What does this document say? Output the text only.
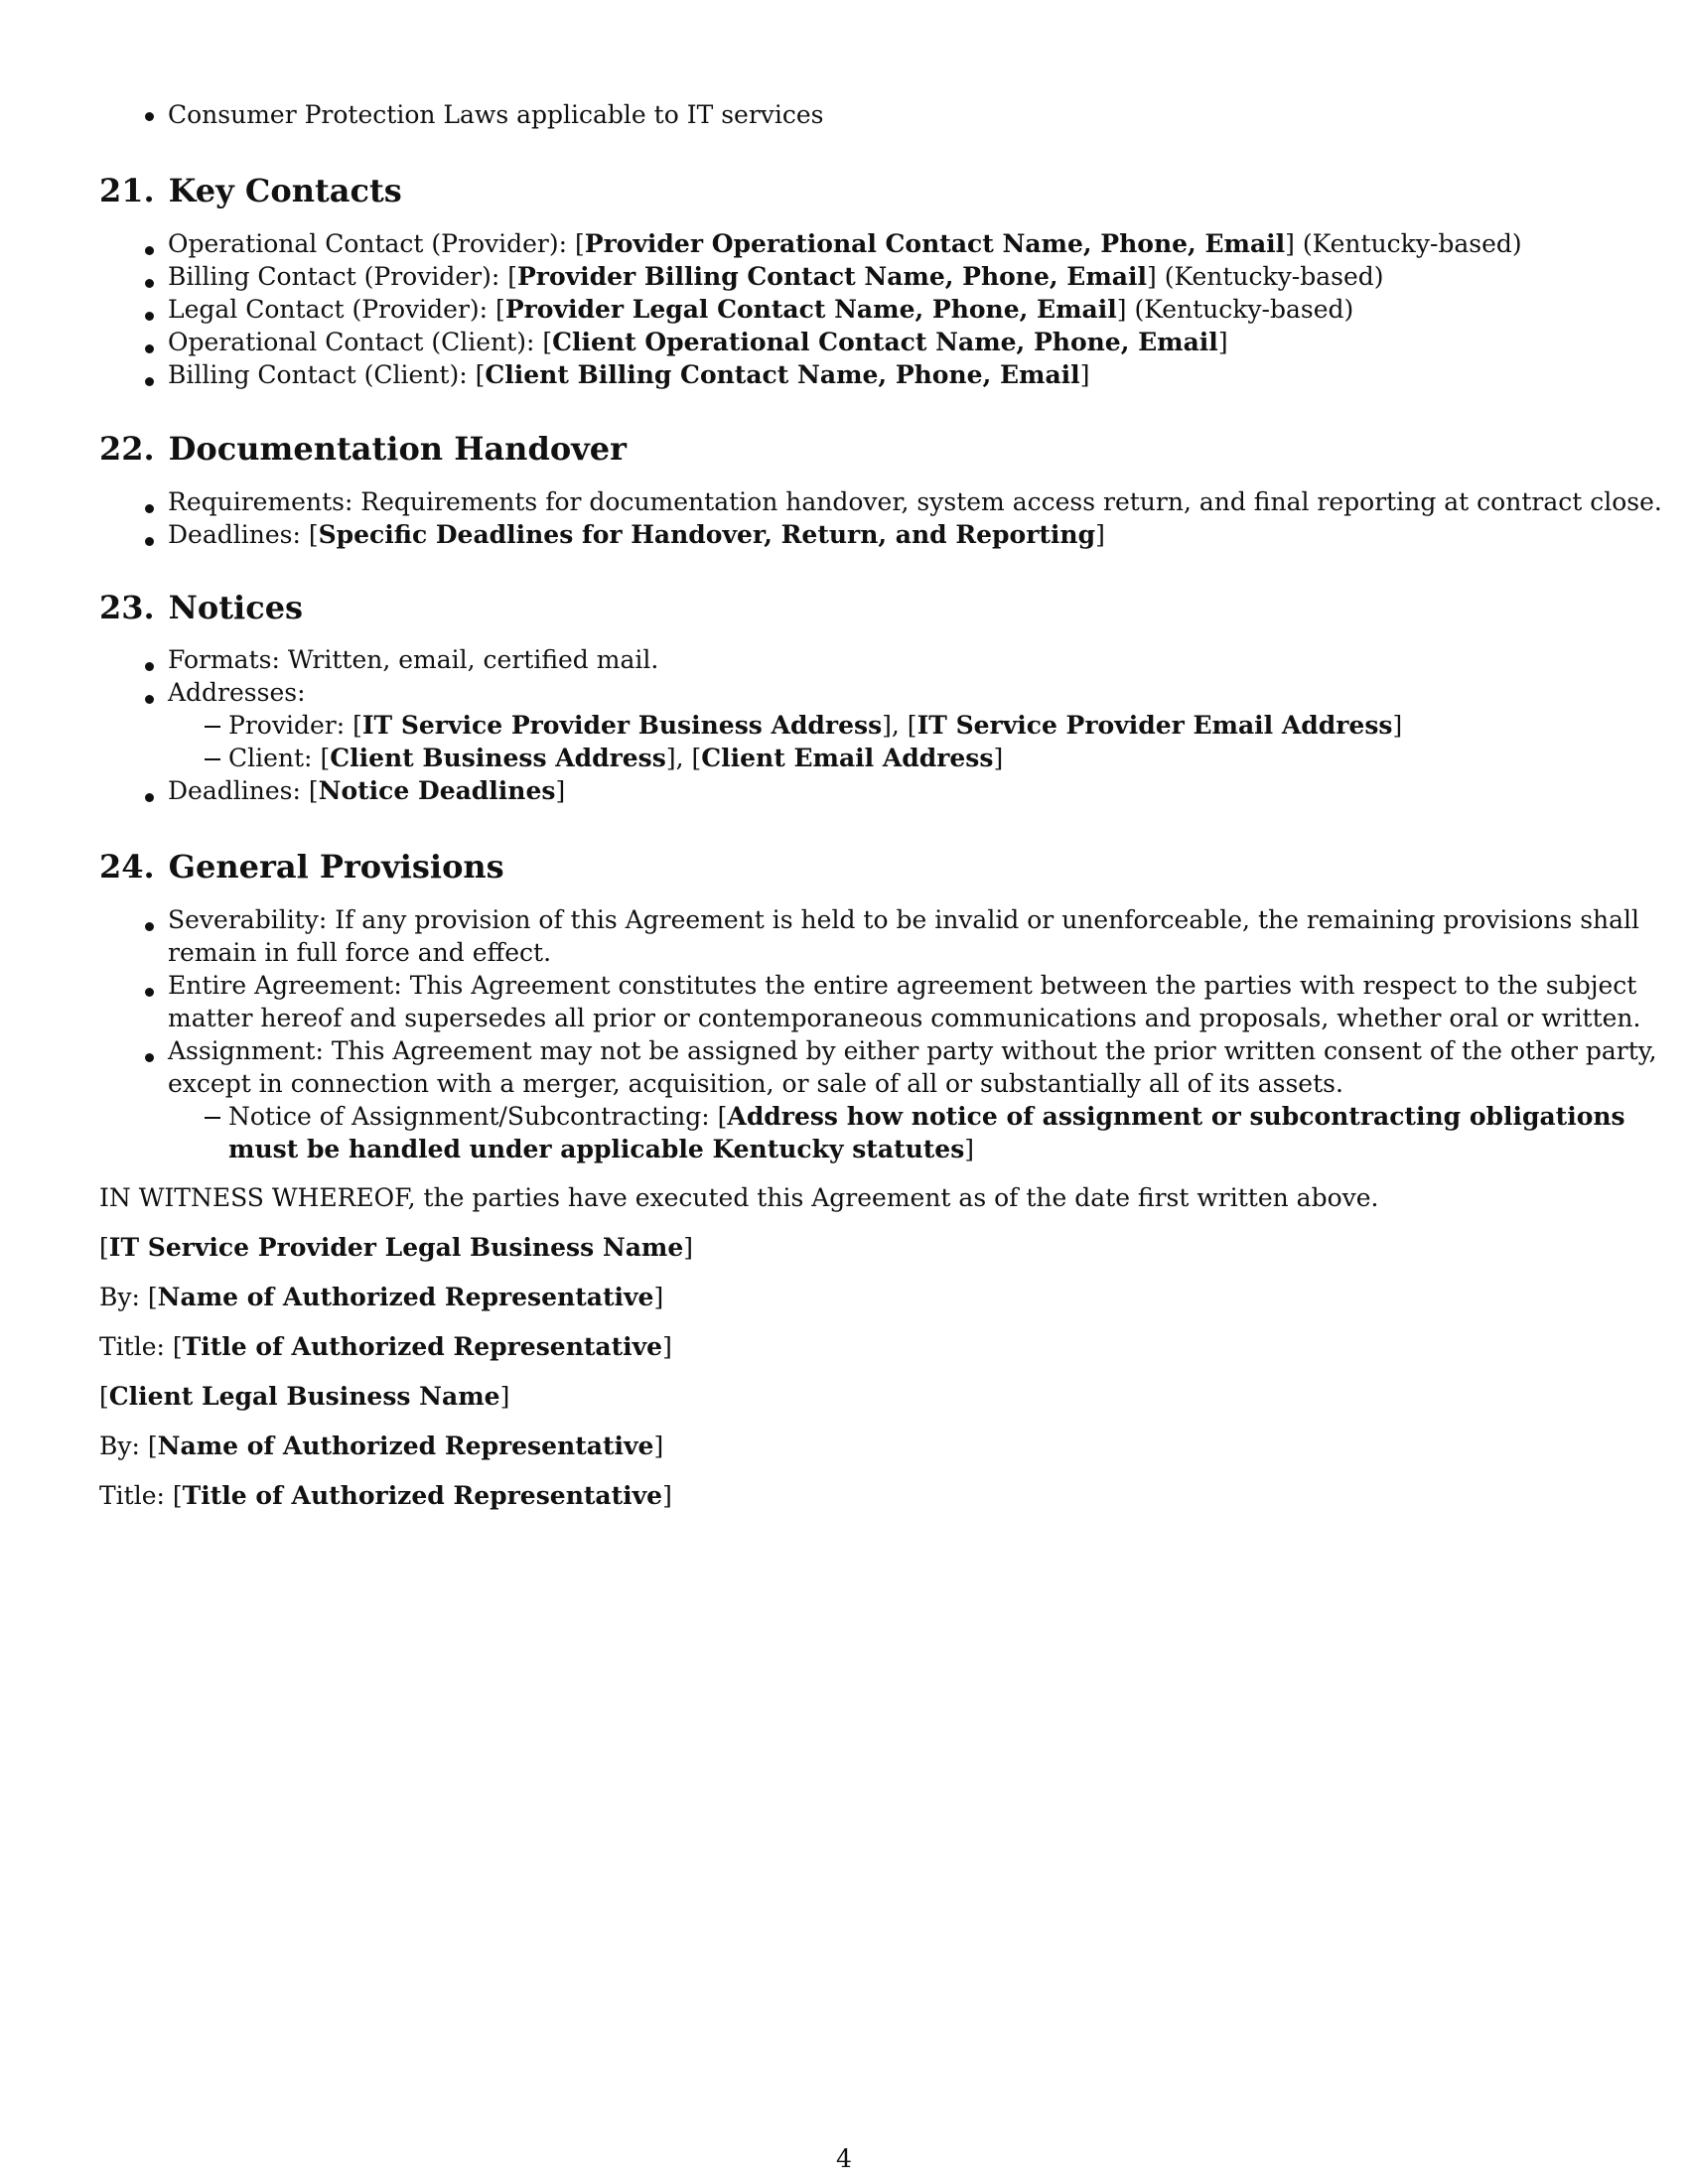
Consumer Protection Laws applicable to IT services
21. Key Contacts
Operational Contact (Provider): [Provider Operational Contact Name, Phone, Email] (Kentucky-based)
Billing Contact (Provider): [Provider Billing Contact Name, Phone, Email] (Kentucky-based)
Legal Contact (Provider): [Provider Legal Contact Name, Phone, Email] (Kentucky-based)
Operational Contact (Client): [Client Operational Contact Name, Phone, Email]
Billing Contact (Client): [Client Billing Contact Name, Phone, Email]
22. Documentation Handover
Requirements: Requirements for documentation handover, system access return, and final reporting at contract close.
Deadlines: [Specific Deadlines for Handover, Return, and Reporting]
23. Notices
Formats: Written, email, certified mail.
Addresses:
Provider: [IT Service Provider Business Address], [IT Service Provider Email Address]
Client: [Client Business Address], [Client Email Address]
Deadlines: [Notice Deadlines]
24. General Provisions
Severability: If any provision of this Agreement is held to be invalid or unenforceable, the remaining provisions shall
remain in full force and effect.
Entire Agreement: This Agreement constitutes the entire agreement between the parties with respect to the subject
matter hereof and supersedes all prior or contemporaneous communications and proposals, whether oral or written.
Assignment: This Agreement may not be assigned by either party without the prior written consent of the other party,
except in connection with a merger, acquisition, or sale of all or substantially all of its assets.
Notice of Assignment/Subcontracting: [Address how notice of assignment or subcontracting obligations
must be handled under applicable Kentucky statutes]
IN WITNESS WHEREOF, the parties have executed this Agreement as of the date first written above.
[IT Service Provider Legal Business Name]
By: [Name of Authorized Representative]
Title: [Title of Authorized Representative]
[Client Legal Business Name]
By: [Name of Authorized Representative]
Title: [Title of Authorized Representative]
4
